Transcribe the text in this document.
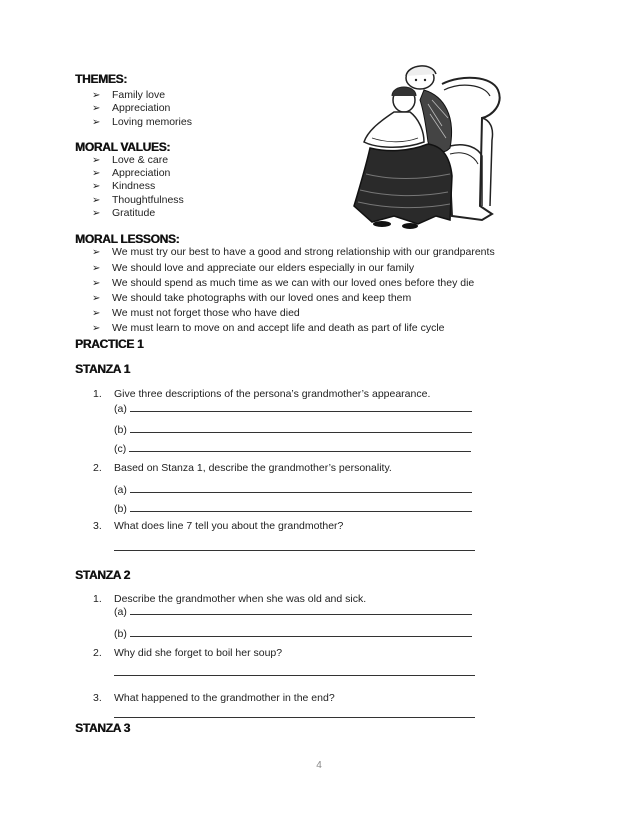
THEMES:
➢ Family love
➢ Appreciation
➢ Loving memories
MORAL VALUES:
➢ Love & care
➢ Appreciation
➢ Kindness
➢ Thoughtfulness
➢ Gratitude
MORAL LESSONS:
➢ We must try our best to have a good and strong relationship with our grandparents
➢ We should love and appreciate our elders especially in our family
➢ We should spend as much time as we can with our loved ones before they die
➢ We should take photographs with our loved ones and keep them
➢ We must not forget those who have died
➢ We must learn to move on and accept life and death as part of life cycle
PRACTICE 1
STANZA 1
1. Give three descriptions of the persona’s grandmother’s appearance.
(a)
(b)
(c)
2. Based on Stanza 1, describe the grandmother’s personality.
(a)
(b)
3. What does line 7 tell you about the grandmother?
STANZA 2
1. Describe the grandmother when she was old and sick.
(a)
(b)
2. Why did she forget to boil her soup?
3. What happened to the grandmother in the end?
STANZA 3
4
